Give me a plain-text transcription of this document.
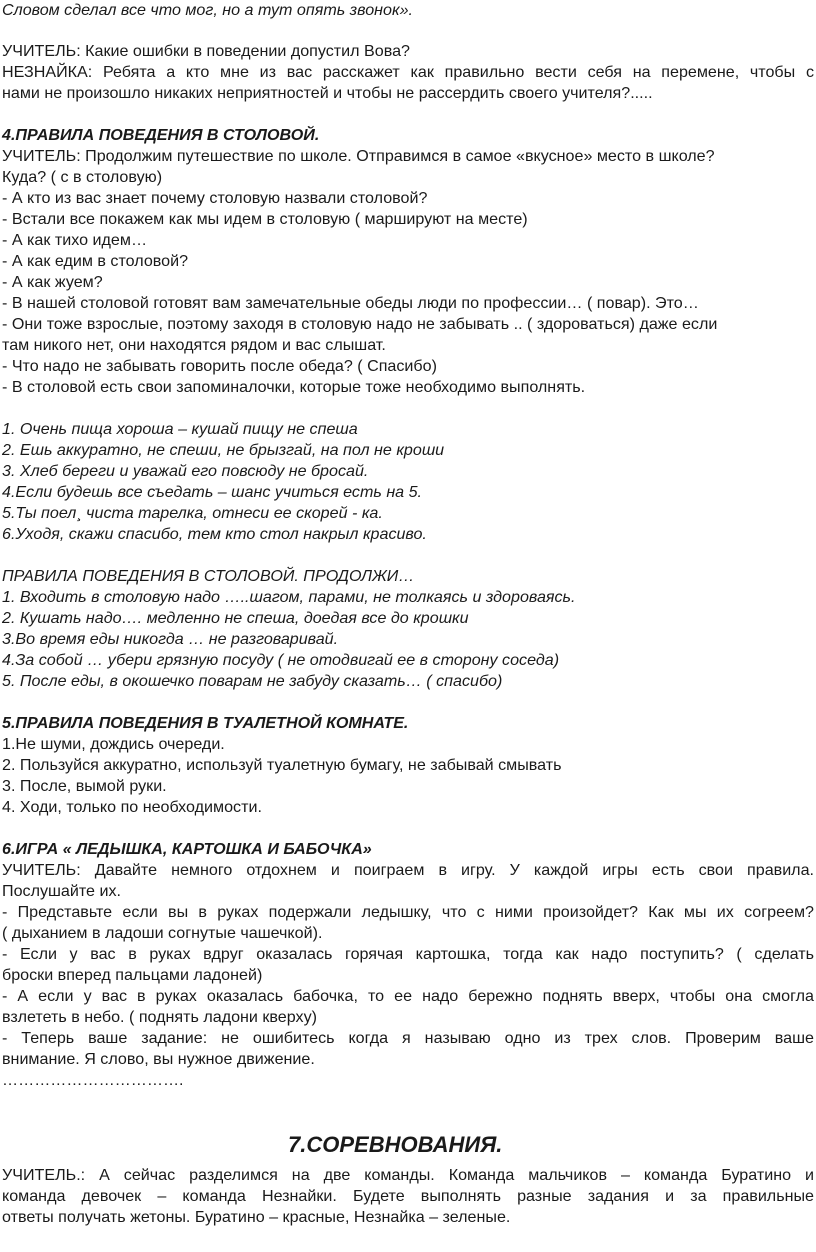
Словом сделал все что мог, но а тут опять звонок».
УЧИТЕЛЬ: Какие ошибки в поведении допустил Вова?
НЕЗНАЙКА: Ребята а кто мне из вас расскажет как правильно вести себя на перемене, чтобы с
нами не произошло никаких неприятностей и чтобы не рассердить своего учителя?.....
4.ПРАВИЛА ПОВЕДЕНИЯ В СТОЛОВОЙ.
УЧИТЕЛЬ: Продолжим путешествие по школе. Отправимся в самое «вкусное» место в школе?
Куда? ( с в столовую)
- А кто из вас знает почему столовую назвали столовой?
- Встали все покажем как мы идем в столовую ( маршируют на месте)
- А как тихо идем…
- А как едим в столовой?
- А как жуем?
- В нашей столовой готовят вам замечательные обеды люди по профессии… ( повар). Это…
- Они тоже взрослые, поэтому заходя в столовую надо не забывать .. ( здороваться) даже если
там никого нет, они находятся рядом и вас слышат.
- Что надо не забывать говорить после обеда? ( Спасибо)
- В столовой есть свои запоминалочки, которые тоже необходимо выполнять.
1. Очень пища хороша – кушай пищу не спеша
2. Ешь аккуратно, не спеши, не брызгай, на пол не кроши
3. Хлеб береги и уважай его повсюду не бросай.
4.Если будешь все съедать – шанс учиться есть на 5.
5.Ты поел¸ чиста тарелка, отнеси ее скорей - ка.
6.Уходя, скажи спасибо, тем кто стол накрыл красиво.
ПРАВИЛА ПОВЕДЕНИЯ В СТОЛОВОЙ. ПРОДОЛЖИ…
1. Входить в столовую надо …..шагом, парами, не толкаясь и здороваясь.
2. Кушать надо…. медленно не спеша, доедая все до крошки
3.Во время еды никогда … не разговаривай.
4.За собой … убери грязную посуду ( не отодвигай ее в сторону соседа)
5. После еды, в окошечко поварам не забуду сказать… ( спасибо)
5.ПРАВИЛА ПОВЕДЕНИЯ В ТУАЛЕТНОЙ КОМНАТЕ.
1.Не шуми, дождись очереди.
2. Пользуйся аккуратно, используй туалетную бумагу, не забывай смывать
3. После, вымой руки.
4. Ходи, только по необходимости.
6.ИГРА « ЛЕДЫШКА, КАРТОШКА И БАБОЧКА»
УЧИТЕЛЬ: Давайте немного отдохнем и поиграем в игру. У каждой игры есть свои правила.
Послушайте их.
- Представьте если вы в руках подержали ледышку, что с ними произойдет? Как мы их согреем?
( дыханием в ладоши согнутые чашечкой).
- Если у вас в руках вдруг оказалась горячая картошка, тогда как надо поступить? ( сделать
броски вперед пальцами ладоней)
- А если у вас в руках оказалась бабочка, то ее надо бережно поднять вверх, чтобы она смогла
взлететь в небо. ( поднять ладони кверху)
- Теперь ваше задание: не ошибитесь когда я называю одно из трех слов. Проверим ваше
внимание. Я слово, вы нужное движение.
…………………………….
7.СОРЕВНОВАНИЯ.
УЧИТЕЛЬ.: А сейчас разделимся на две команды. Команда мальчиков – команда Буратино и
команда девочек – команда Незнайки. Будете выполнять разные задания и за правильные
ответы получать жетоны. Буратино – красные, Незнайка – зеленые.
